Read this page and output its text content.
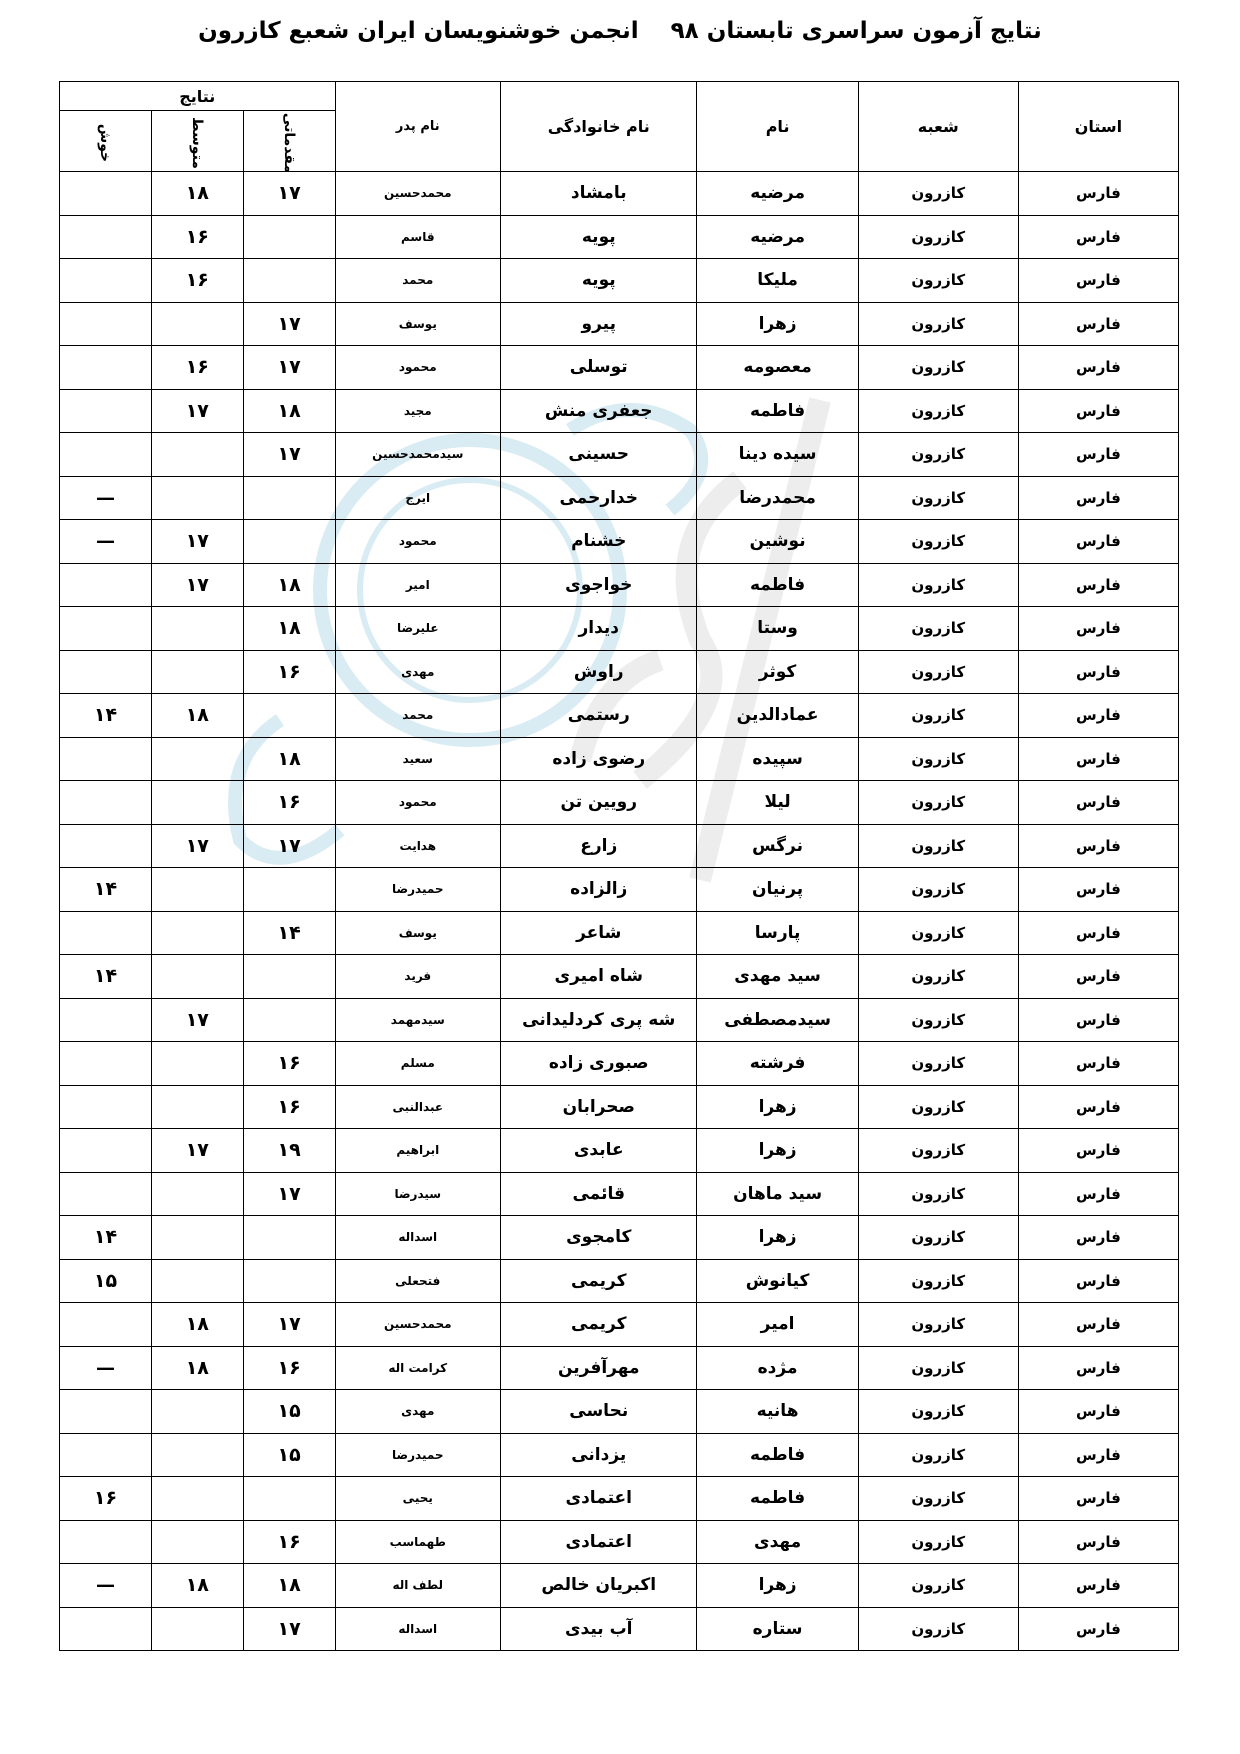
نتایج آزمون سراسری تابستان ۹۸ انجمن خوشنویسان ایران شعبع کازرون
استان	شعبه	نام	نام خانوادگی	نام پدر	نتایج		
					مقدماتی	متوسط	خوش
فارس	کازرون	مرضیه	بامشاد	محمدحسین	۱۷	۱۸	
فارس	کازرون	مرضیه	پویه	قاسم		۱۶	
فارس	کازرون	ملیکا	پویه	محمد		۱۶	
فارس	کازرون	زهرا	پیرو	یوسف	۱۷		
فارس	کازرون	معصومه	توسلی	محمود	۱۷	۱۶	
فارس	کازرون	فاطمه	جعفری منش	مجید	۱۸	۱۷	
فارس	کازرون	سیده دینا	حسینی	سیدمحمدحسین	۱۷		
فارس	کازرون	محمدرضا	خدارحمی	ایرج			—
فارس	کازرون	نوشین	خشنام	محمود		۱۷	—
فارس	کازرون	فاطمه	خواجوی	امیر	۱۸	۱۷	
فارس	کازرون	وستا	دیدار	علیرضا	۱۸		
فارس	کازرون	کوثر	راوش	مهدی	۱۶		
فارس	کازرون	عمادالدین	رستمی	محمد		۱۸	۱۴
فارس	کازرون	سپیده	رضوی زاده	سعید	۱۸		
فارس	کازرون	لیلا	رویین تن	محمود	۱۶		
فارس	کازرون	نرگس	زارع	هدایت	۱۷	۱۷	
فارس	کازرون	پرنیان	زالزاده	حمیدرضا			۱۴
فارس	کازرون	پارسا	شاعر	یوسف	۱۴		
فارس	کازرون	سید مهدی	شاه امیری	فرید			۱۴
فارس	کازرون	سیدمصطفی	شه پری کردلیدانی	سیدمهمد		۱۷	
فارس	کازرون	فرشته	صبوری زاده	مسلم	۱۶		
فارس	کازرون	زهرا	صحرابان	عبدالنبی	۱۶		
فارس	کازرون	زهرا	عابدی	ابراهیم	۱۹	۱۷	
فارس	کازرون	سید ماهان	قائمی	سیدرضا	۱۷		
فارس	کازرون	زهرا	کامجوی	اسداله			۱۴
فارس	کازرون	کیانوش	کریمی	فتحعلی			۱۵
فارس	کازرون	امیر	کریمی	محمدحسین	۱۷	۱۸	
فارس	کازرون	مژده	مهرآفرین	کرامت اله	۱۶	۱۸	—
فارس	کازرون	هانیه	نحاسی	مهدی	۱۵		
فارس	کازرون	فاطمه	یزدانی	حمیدرضا	۱۵		
فارس	کازرون	فاطمه	اعتمادی	یحیی			۱۶
فارس	کازرون	مهدی	اعتمادی	طهماسب	۱۶		
فارس	کازرون	زهرا	اکبریان خالص	لطف اله	۱۸	۱۸	—
فارس	کازرون	ستاره	آب بیدی	اسداله	۱۷		
